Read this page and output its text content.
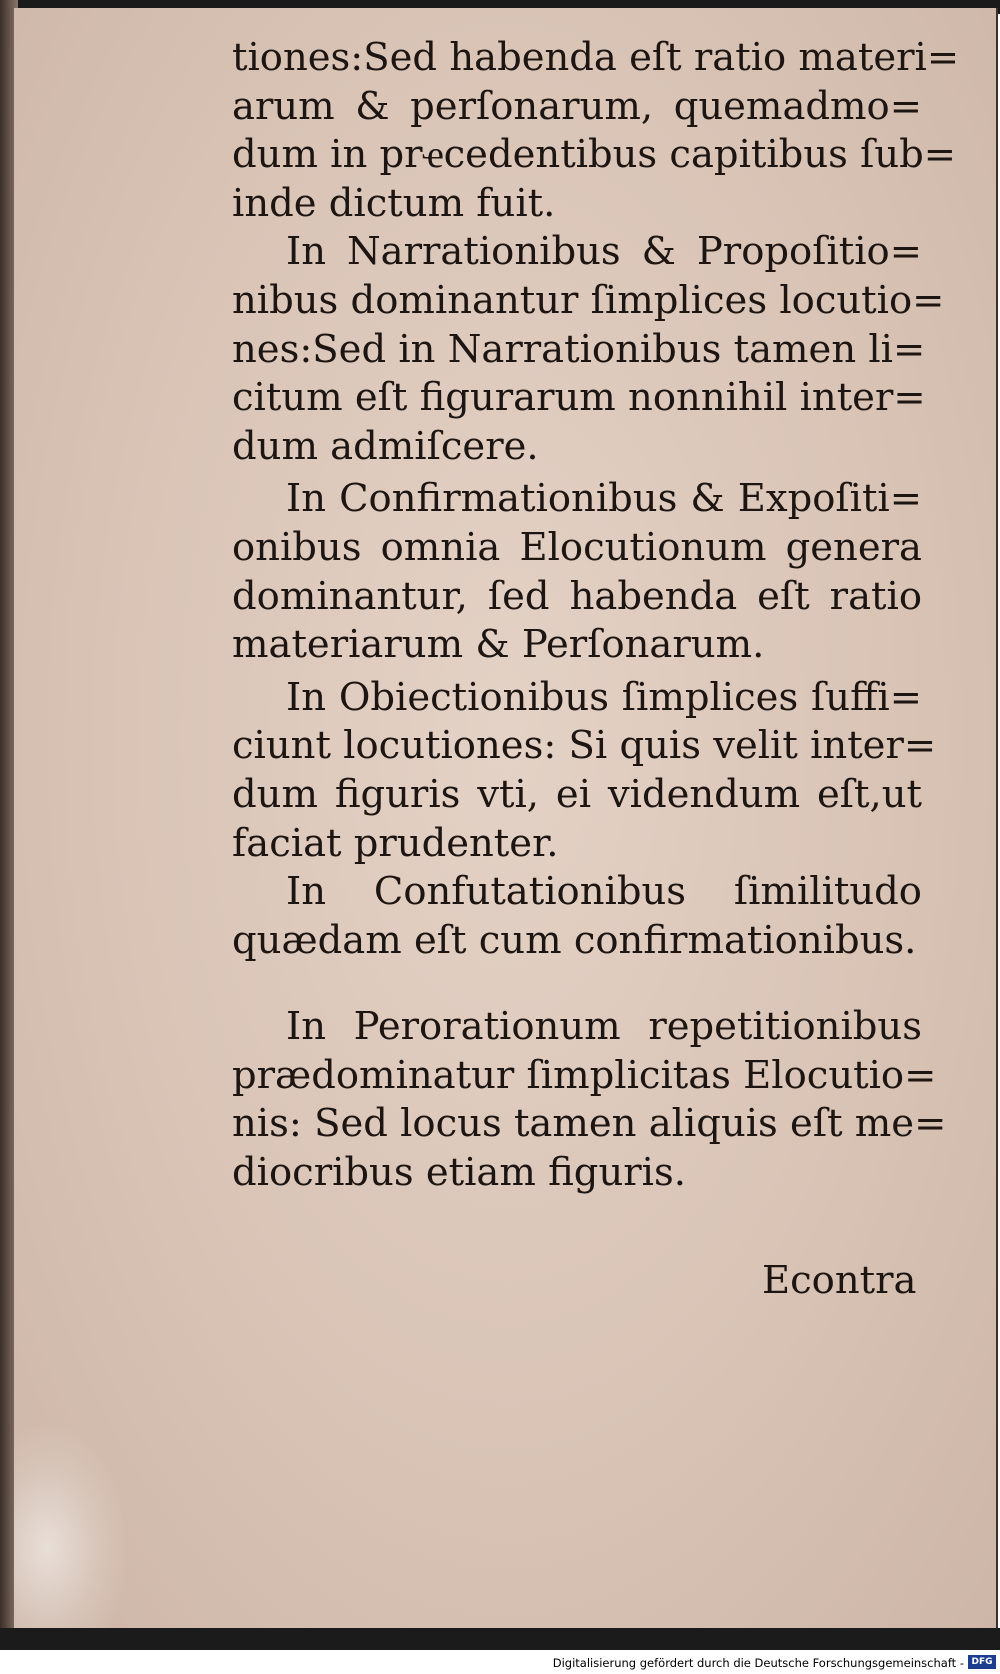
tiones:Sed habenda eſt ratio materi=
arum & perſonarum, quemadmo=
dum in prҽcedentibus capitibus ſub=
inde dictum fuit.
In Narrationibus & Propoſitio=
nibus dominantur ſimplices locutio=
nes:Sed in Narrationibus tamen li=
citum eſt figurarum nonnihil inter=
dum admiſcere.
In Confirmationibus & Expoſiti=
onibus omnia Elocutionum genera
dominantur, ſed habenda eſt ratio
materiarum & Perſonarum.
In Obiectionibus ſimplices ſuffi=
ciunt locutiones: Si quis velit inter=
dum figuris vti, ei videndum eſt,ut
faciat prudenter.
In Confutationibus ſimilitudo
quædam eſt cum confirmationibus.
In Perorationum repetitionibus
prædominatur ſimplicitas Elocutio=
nis: Sed locus tamen aliquis eſt me=
diocribus etiam figuris.
Econtra
Digitalisierung gefördert durch die Deutsche Forschungsgemeinschaft - DFG
